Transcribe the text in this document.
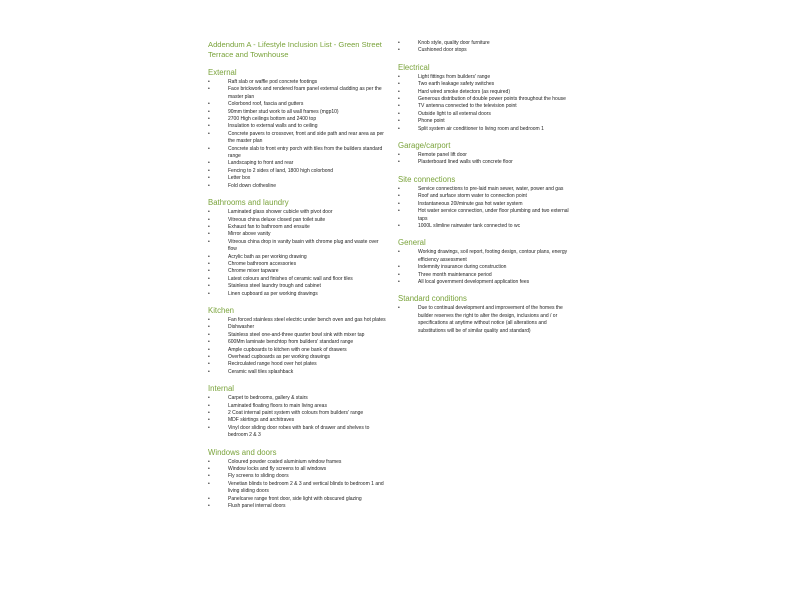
Addendum A - Lifestyle Inclusion List - Green Street Terrace and Townhouse
External
•	Raft slab or waffle pod concrete footings
•	Face brickwork and rendered foam panel external cladding as per the master plan
•	Colorbond roof, fascia and gutters
•	90mm timber stud work to all wall frames (mgp10)
•	2700 High ceilings bottom and 2400 top
•	Insulation to external walls and to ceiling
•	Concrete pavers to crossover, front and side path and rear area as per the master plan
•	Concrete slab to front entry porch with tiles from the builders standard range
•	Landscaping to front and rear
•	Fencing to 2 sides of land, 1800 high colorbond
•	Letter box
•	Fold down clothesline
Bathrooms and laundry
•	Laminated glass shower cubicle with pivot door
•	Vitreous china deluxe closed pan toilet suite
•	Exhaust fan to bathroom and ensuite
•	Mirror above vanity
•	Vitreous china drop in vanity basin with chrome plug and waste over flow
•	Acrylic bath as per working drawing
•	Chrome bathroom accessories
•	Chrome mixer tapware
•	Latest colours and finishes of ceramic wall and floor tiles
•	Stainless steel laundry trough and cabinet
•	Linen cupboard as per working drawings
Kitchen
•	Fan forced stainless steel electric under bench oven and gas hot plates
•	Dishwasher
•	Stainless steel one-and-three quarter bowl sink with mixer tap
•	600Mm laminate benchtop from builders' standard range
•	Ample cupboards to kitchen with one bank of drawers
•	Overhead cupboards as per working drawings
•	Recirculated range hood over hot plates
•	Ceramic wall tiles splashback
Internal
•	Carpet to bedrooms, gallery & stairs
•	Laminated floating floors to main living areas
•	2 Coat internal paint system with colours from builders' range
•	MDF skirtings and architraves
•	Vinyl door sliding door robes with bank of drawer and shelves to bedroom 2 & 3
Windows and doors
•	Coloured powder coated aluminium window frames
•	Window locks and fly screens to all windows
•	Fly screens to sliding doors
•	Venetian blinds to bedroom 2 & 3 and vertical blinds to bedroom 1 and living sliding doors
•	Panelcarve range front door, side light with obscured glazing
•	Flush panel internal doors
•	Knob style, quality door furniture
•	Cushioned door stops
Electrical
•	Light fittings from builders' range
•	Two earth leakage safety switches
•	Hard wired smoke detectors (as required)
•	Generous distribution of double power points throughout the house
•	TV antenna connected to the television point
•	Outside light to all external doors
•	Phone point
•	Split system air conditioner to living room and bedroom 1
Garage/carport
•	Remote panel lift door
•	Plasterboard lined walls with concrete floor
Site connections
•	Service connections to pre-laid main sewer, water, power and gas
•	Roof and surface storm water to connection point
•	Instantaneous 20l/minute gas hot water system
•	Hot water service connection, under floor plumbing and two external taps
•	1000L slimline rainwater tank connected to wc
General
•	Working drawings, soil report, footing design, contour plans, energy efficiency assessment
•	Indemnity insurance during construction
•	Three month maintenance period
•	All local government development application fees
Standard conditions
•	Due to continual development and improvement of the homes the builder reserves the right to alter the design, inclusions and / or specifications at anytime without notice (all alterations and substitutions will be of similar quality and standard)
